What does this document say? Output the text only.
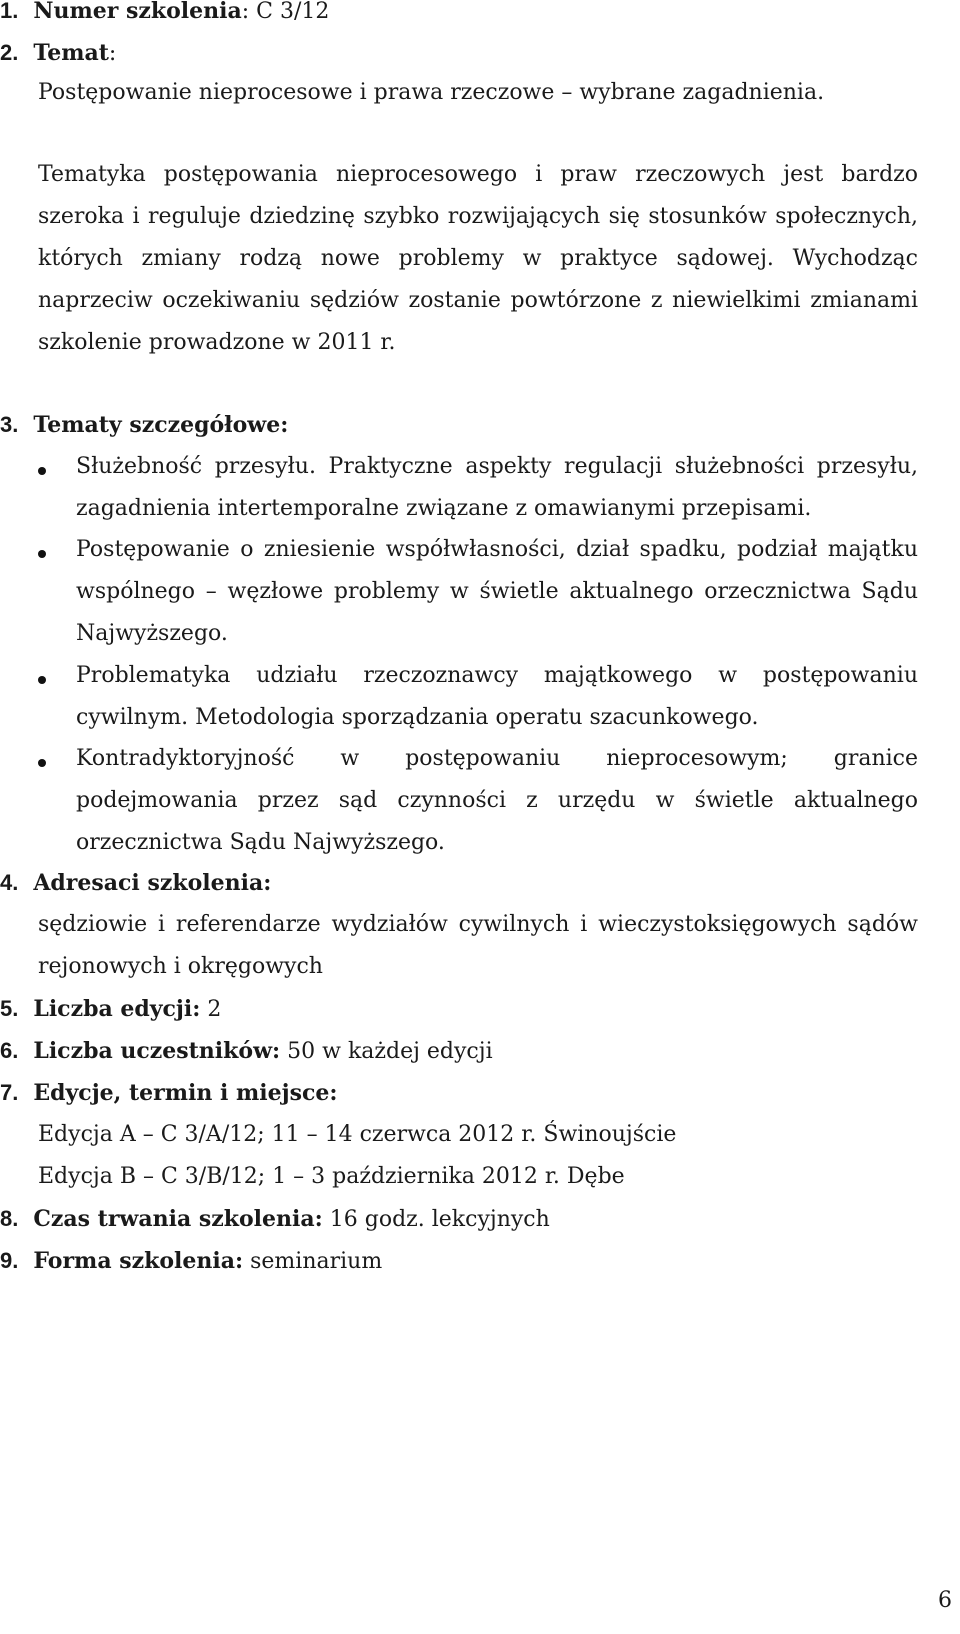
1. Numer szkolenia: C 3/12
2. Temat:
Postępowanie nieprocesowe i prawa rzeczowe – wybrane zagadnienia.
Tematyka postępowania nieprocesowego i praw rzeczowych jest bardzo
szeroka i reguluje dziedzinę szybko rozwijających się stosunków społecznych,
których zmiany rodzą nowe problemy w praktyce sądowej. Wychodząc
naprzeciw oczekiwaniu sędziów zostanie powtórzone z niewielkimi zmianami
szkolenie prowadzone w 2011 r.
3. Tematy szczegółowe:
Służebność przesyłu. Praktyczne aspekty regulacji służebności przesyłu,
zagadnienia intertemporalne związane z omawianymi przepisami.
Postępowanie o zniesienie współwłasności, dział spadku, podział majątku
wspólnego – węzłowe problemy w świetle aktualnego orzecznictwa Sądu
Najwyższego.
Problematyka udziału rzeczoznawcy majątkowego w postępowaniu
cywilnym. Metodologia sporządzania operatu szacunkowego.
Kontradyktoryjność w postępowaniu nieprocesowym; granice
podejmowania przez sąd czynności z urzędu w świetle aktualnego
orzecznictwa Sądu Najwyższego.
4. Adresaci szkolenia:
sędziowie i referendarze wydziałów cywilnych i wieczystoksięgowych sądów
rejonowych i okręgowych
5. Liczba edycji: 2
6. Liczba uczestników: 50 w każdej edycji
7. Edycje, termin i miejsce:
Edycja A – C 3/A/12; 11 – 14 czerwca 2012 r. Świnoujście
Edycja B – C 3/B/12; 1 – 3 października 2012 r. Dębe
8. Czas trwania szkolenia: 16 godz. lekcyjnych
9. Forma szkolenia: seminarium
6
